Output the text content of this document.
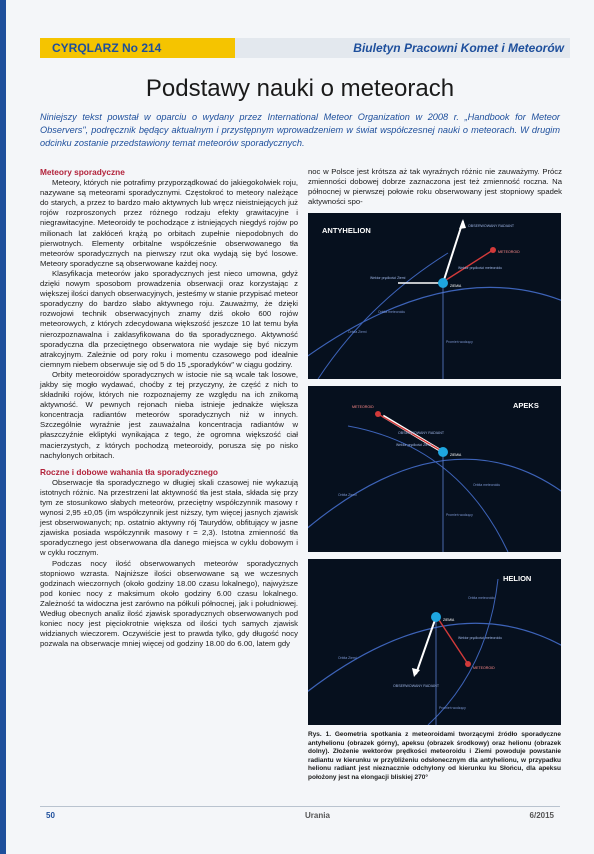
CYRQLARZ No 214	Biuletyn Pracowni Komet i Meteorów
Podstawy nauki o meteorach
Niniejszy tekst powstał w oparciu o wydany przez International Meteor Organization w 2008 r. „Handbook for Meteor Observers", podręcznik będący aktualnym i przystępnym wprowadzeniem w świat współczesnej nauki o meteorach. W drugim odcinku zostanie przedstawiony temat meteorów sporadycznych.
Meteory sporadyczne

Meteory, których nie potrafimy przyporządkować do jakiegokolwiek roju, nazywane są meteorami sporadycznymi. Częstokroć to meteory należące do starych, a przez to bardzo mało aktywnych lub wręcz nieistniejących już rojów rozproszonych przez różnego rodzaju efekty grawitacyjne i niegrawitacyjne. Meteoroidy te pochodzące z istniejących niegdyś rojów po milionach lat zakłóceń krążą po orbitach zupełnie niepodobnych do pierwotnych. Elementy orbitalne współcześnie obserwowanego tła meteorów sporadycznych na pierwszy rzut oka wydają się być losowe. Meteory sporadyczne są obserwowane każdej nocy.

Klasyfikacja meteorów jako sporadycznych jest nieco umowna, gdyż dzięki nowym sposobom prowadzenia obserwacji oraz korzystając z większej ilości danych obserwacyjnych, jesteśmy w stanie przypisać meteor sporadyczny do bardzo słabo aktywnego roju. Zauważmy, że dzięki rozwojowi technik obserwacyjnych znamy dziś około 600 rojów meteorowych, z których zdecydowana większość jeszcze 10 lat temu była nierozpoznawalna i zaklasyfikowana do tła sporadycznego. Aktywność sporadyczna dla przeciętnego obserwatora nie wydaje się być niczym atrakcyjnym. Zależnie od pory roku i momentu czasowego pod idealnie ciemnym niebem obserwuje się od 5 do 15 „sporadyków" w ciągu godziny.

Orbity meteoroidów sporadycznych w istocie nie są wcale tak losowe, jakby się mogło wydawać, choćby z tej przyczyny, że część z nich to składniki rojów, których nie rozpoznajemy ze względu na ich znikomą aktywność. W pewnych rejonach nieba istnieje jednakże większa koncentracja radiantów meteorów sporadycznych niż w innych. Szczególnie wyraźnie jest zauważalna koncentracja radiantów w płaszczyźnie ekliptyki wynikająca z tego, że ogromna większość ciał macierzystych, z których pochodzą meteoroidy, porusza się po nisko nachylonych orbitach.

Roczne i dobowe wahania tła sporadycznego

Obserwacje tła sporadycznego w długiej skali czasowej nie wykazują istotnych różnic. Na przestrzeni lat aktywność tła jest stała, składa się przy tym ze stosunkowo słabych meteorów, przeciętny współczynnik masowy r wynosi 2,95 ±0,05 (im współczynnik jest niższy, tym więcej jasnych zjawisk jest obserwowanych; np. ostatnio aktywny rój Taurydów, obfitujący w jasne zjawiska posiada współczynnik masowy r = 2,3). Istotna zmienność tła sporadycznego jest obserwowana dla danego miejsca w cyklu dobowym i w cyklu rocznym.

Podczas nocy ilość obserwowanych meteorów sporadycznych stopniowo wzrasta. Najniższe ilości obserwowane są we wczesnych godzinach wieczornych (około godziny 18.00 czasu lokalnego), najwyższe pod koniec nocy z maksimum około godziny 6.00 czasu lokalnego. Zależność ta widoczna jest zarówno na półkuli północnej, jak i południowej. Według obecnych analiz ilość zjawisk sporadycznych obserwowanych pod koniec nocy jest pięciokrotnie większa od ilości tych samych zjawisk widzianych wieczorem. Oczywiście jest to prawda tylko, gdy długość nocy pozwala na obserwacje mniej więcej od godziny 18.00 do 6.00, latem gdy

noc w Polsce jest krótsza aż tak wyraźnych różnic nie zauważymy. Prócz zmienności dobowej dobrze zaznaczona jest też zmienność roczna. Na północnej w pierwszej połowie roku obserwowany jest stopniowy spadek aktywności spo-

ANTYHELION	OBSERWOWANY RADIANT
METEOROID
Wektor prędkości meteoroidu
Wektor prędkości Ziemi
ZIEMIA
Orbita Ziemi
Orbita meteoroidu
Promień wodzący
APEKS
OBSERWOWANY RADIANT
METEOROID
Wektor prędkości Ziemi
ZIEMIA
Orbita Ziemi
Orbita meteoroidu
Promień wodzący
HELION
OBSERWOWANY RADIANT
METEOROID
Wektor prędkości meteoroidu
ZIEMIA
Orbita Ziemi
Orbita meteoroidu
Promień wodzący
Rys. 1. Geometria spotkania z meteoroidami tworzącymi źródło sporadyczne antyhelionu (obrazek górny), apeksu (obrazek środkowy) oraz helionu (obrazek dolny). Złożenie wektorów prędkości meteoroidu i Ziemi powoduje powstanie radiantu w kierunku w przybliżeniu odsłonecznym dla antyhelionu, w przypadku helionu radiant jest nieznacznie odchylony od kierunku ku Słońcu, dla apeksu położony jest na elongacji bliskiej 270°
50	Urania	6/2015
